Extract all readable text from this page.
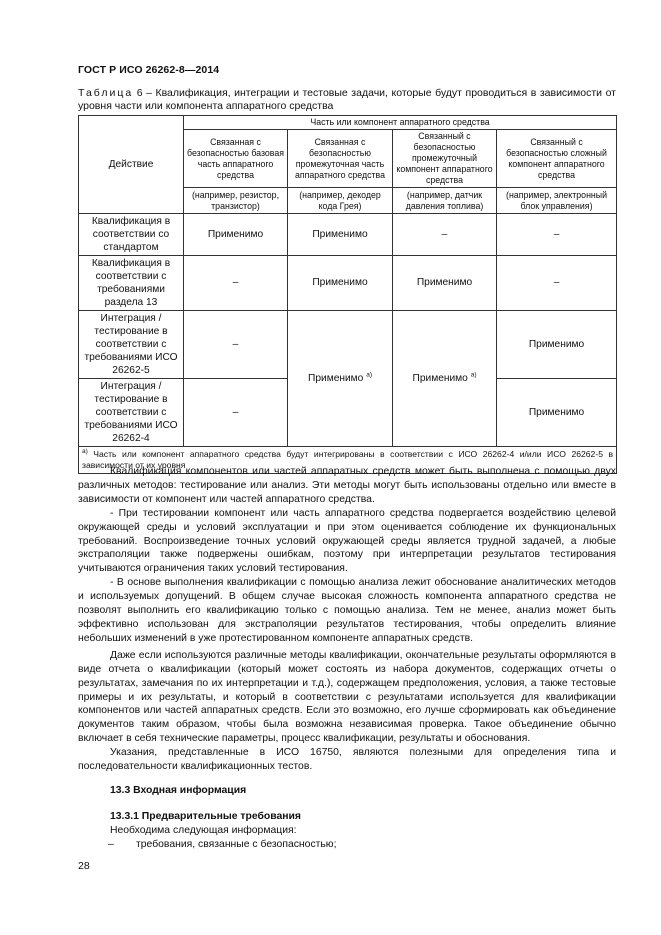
ГОСТ Р ИСО 26262-8—2014
Таблица 6 – Квалификация, интеграции и тестовые задачи, которые будут проводиться в зависимости от уровня части или компонента аппаратного средства
Действие	Часть или компонент аппаратного средства			
	Связанная с безопасностью базовая часть аппаратного средства	Связанная с безопасностью промежуточная часть аппаратного средства	Связанный с безопасностью промежуточный компонент аппаратного средства	Связанный с безопасностью сложный компонент аппаратного средства
	(например, резистор, транзистор)	(например, декодер кода Грея)	(например, датчик давления топлива)	(например, электронный блок управления)
Квалификация в соответствии со стандартом	Применимо	Применимо	–	–
Квалификация в соответствии с требованиями раздела 13	–	Применимо	Применимо	–
Интеграция / тестирование в соответствии с требованиями ИСО 26262-5	–	Применимо $^{а)}$	Применимо $^{а)}$	Применимо
Интеграция / тестирование в соответствии с требованиями ИСО 26262-4	–			Применимо
$^{а)}$ Часть или компонент аппаратного средства будут интегрированы в соответствии с ИСО 26262-4 и/или ИСО 26262-5 в зависимости от их уровня				

Квалификация компонентов или частей аппаратных средств может быть выполнена с помощью двух различных методов: тестирование или анализ. Эти методы могут быть использованы отдельно или вместе в зависимости от компонент или частей аппаратного средства.

- При тестировании компонент или часть аппаратного средства подвергается воздействию целевой окружающей среды и условий эксплуатации и при этом оценивается соблюдение их функциональных требований. Воспроизведение точных условий окружающей среды является трудной задачей, а любые экстраполяции также подвержены ошибкам, поэтому при интерпретации результатов тестирования учитываются ограничения таких условий тестирования.

- В основе выполнения квалификации с помощью анализа лежит обоснование аналитических методов и используемых допущений. В общем случае высокая сложность компонента аппаратного средства не позволят выполнить его квалификацию только с помощью анализа. Тем не менее, анализ может быть эффективно использован для экстраполяции результатов тестирования, чтобы определить влияние небольших изменений в уже протестированном компоненте аппаратных средств.

Даже если используются различные методы квалификации, окончательные результаты оформляются в виде отчета о квалификации (который может состоять из набора документов, содержащих отчеты о результатах, замечания по их интерпретации и т.д.), содержащем предположения, условия, а также тестовые примеры и их результаты, и который в соответствии с результатами используется для квалификации компонентов или частей аппаратных средств. Если это возможно, его лучше сформировать как объединение документов таким образом, чтобы была возможна независимая проверка. Такое объединение обычно включает в себя технические параметры, процесс квалификации, результаты и обоснования.

Указания, представленные в ИСО 16750, являются полезными для определения типа и последовательности квалификационных тестов.

13.3 Входная информация
13.3.1 Предварительные требования
Необходима следующая информация:
– требования, связанные с безопасностью;
28
